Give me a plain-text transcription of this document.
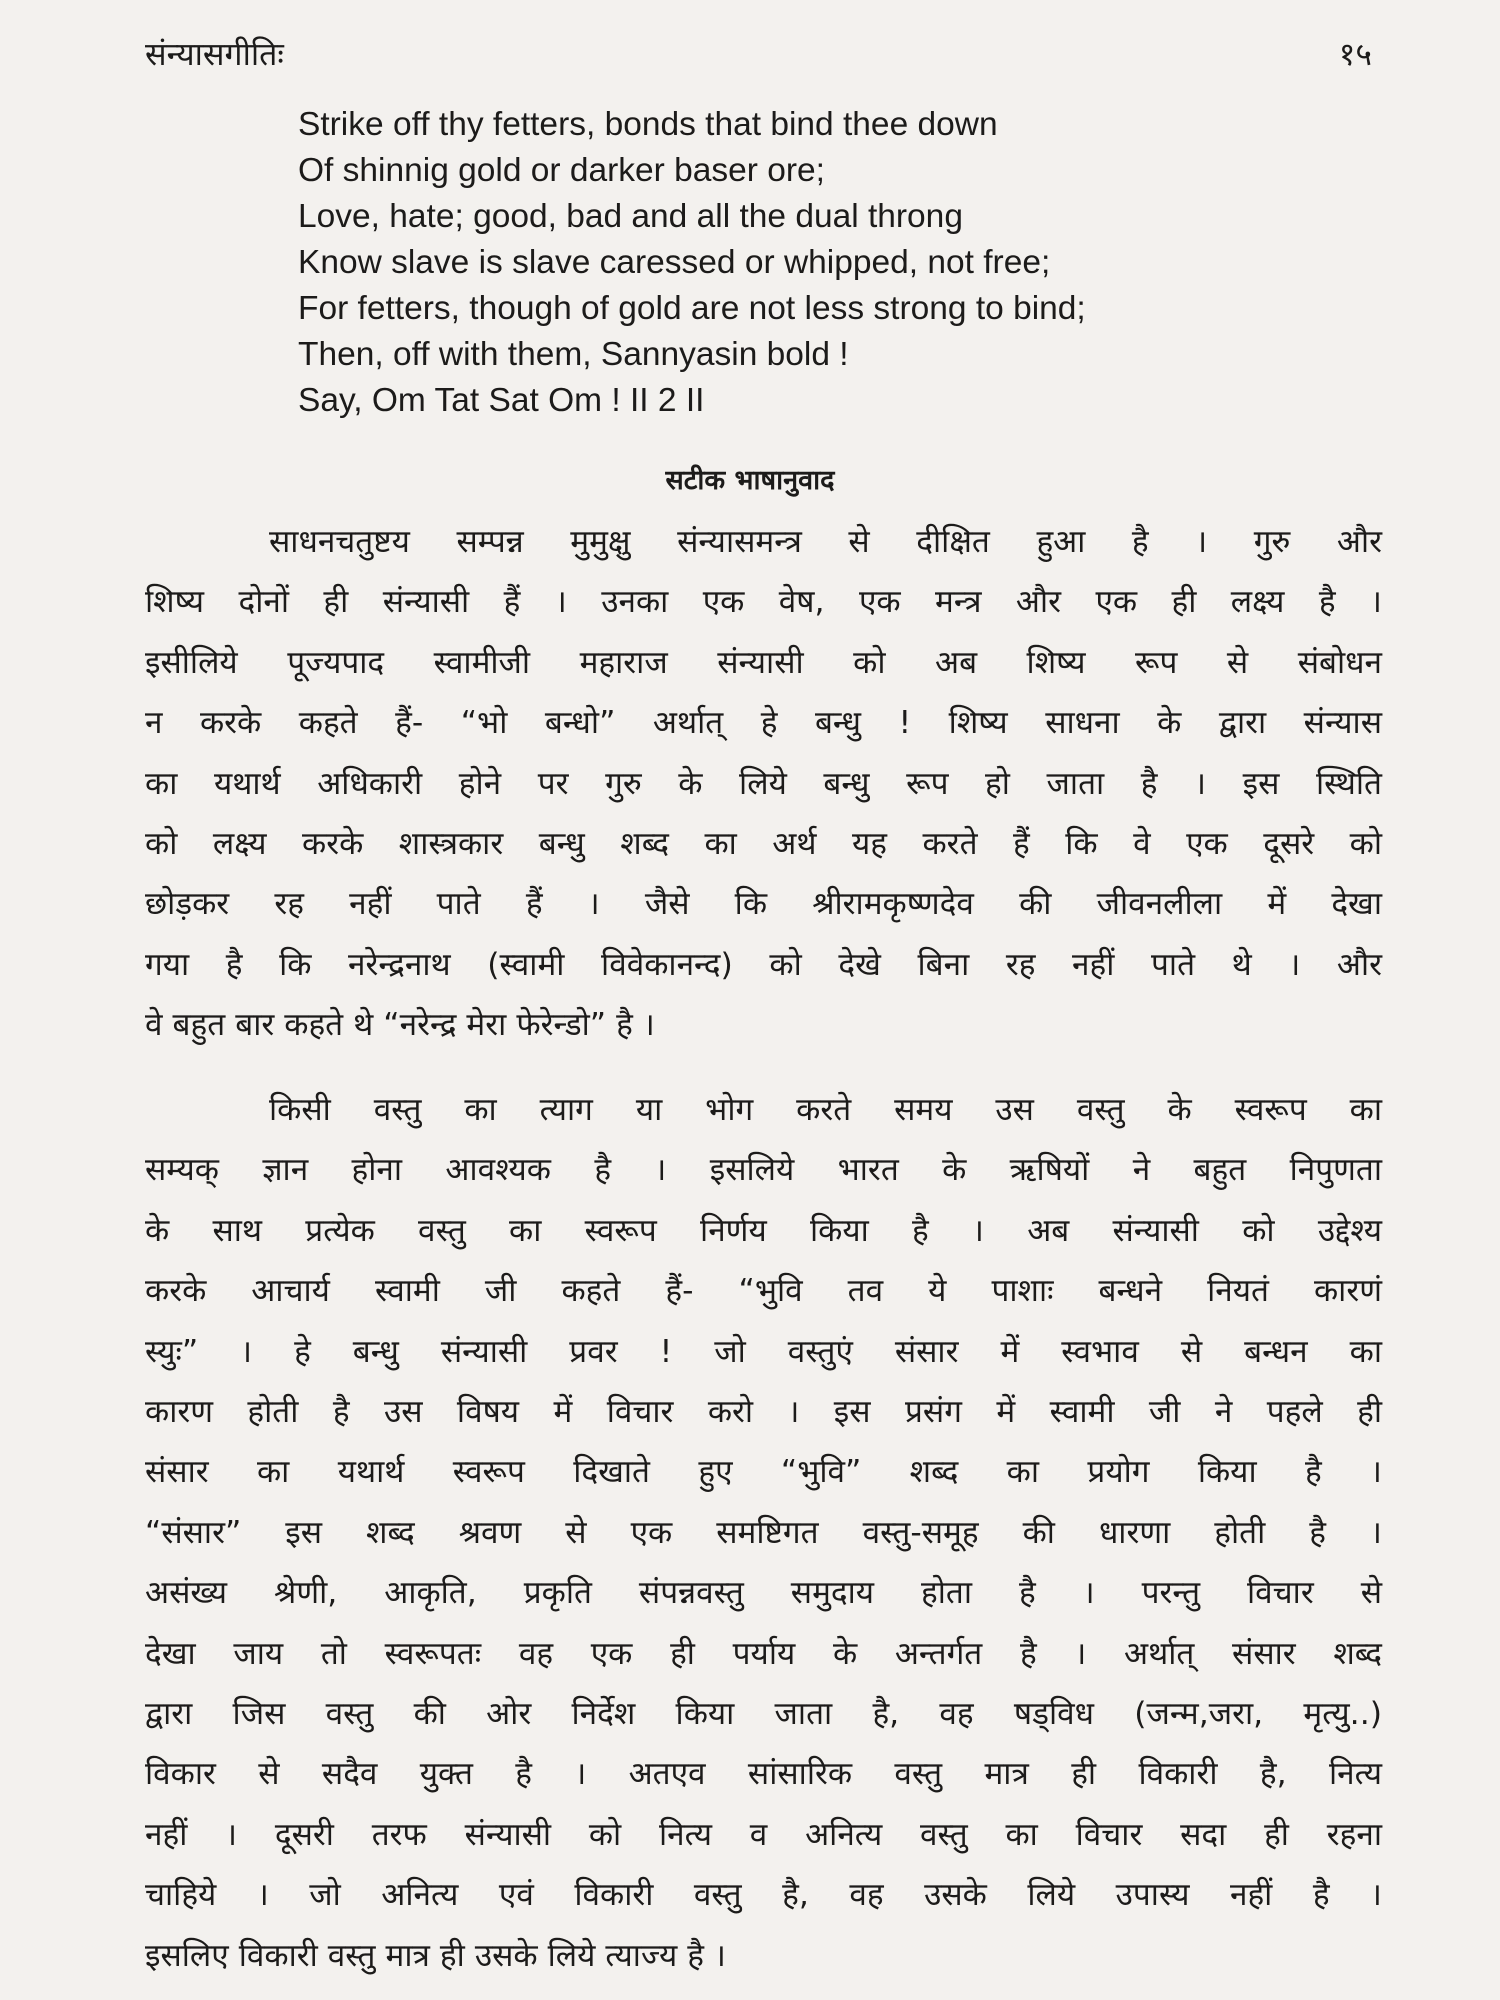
संन्यासगीतिः	१५
Strike off thy fetters, bonds that bind thee down
Of shinnig gold or darker baser ore;
Love, hate; good, bad and all the dual throng
Know slave is slave caressed or whipped, not free;
For fetters, though of gold are not less strong to bind;
Then, off with them, Sannyasin bold !
Say, Om Tat Sat Om ! II 2 II
सटीक भाषानुवाद
साधनचतुष्टय सम्पन्न मुमुक्षु संन्यासमन्त्र से दीक्षित हुआ है । गुरु और
शिष्य दोनों ही संन्यासी हैं । उनका एक वेष, एक मन्त्र और एक ही लक्ष्य है ।
इसीलिये पूज्यपाद स्वामीजी महाराज संन्यासी को अब शिष्य रूप से संबोधन
न करके कहते हैं- “भो बन्धो” अर्थात् हे बन्धु ! शिष्य साधना के द्वारा संन्यास
का यथार्थ अधिकारी होने पर गुरु के लिये बन्धु रूप हो जाता है । इस स्थिति
को लक्ष्य करके शास्त्रकार बन्धु शब्द का अर्थ यह करते हैं कि वे एक दूसरे को
छोड़कर रह नहीं पाते हैं । जैसे कि श्रीरामकृष्णदेव की जीवनलीला में देखा
गया है कि नरेन्द्रनाथ (स्वामी विवेकानन्द) को देखे बिना रह नहीं पाते थे । और
वे बहुत बार कहते थे “नरेन्द्र मेरा फेरेन्डो” है ।
किसी वस्तु का त्याग या भोग करते समय उस वस्तु के स्वरूप का
सम्यक् ज्ञान होना आवश्यक है । इसलिये भारत के ऋषियों ने बहुत निपुणता
के साथ प्रत्येक वस्तु का स्वरूप निर्णय किया है । अब संन्यासी को उद्देश्य
करके आचार्य स्वामी जी कहते हैं- “भुवि तव ये पाशाः बन्धने नियतं कारणं
स्युः” । हे बन्धु संन्यासी प्रवर ! जो वस्तुएं संसार में स्वभाव से बन्धन का
कारण होती है उस विषय में विचार करो । इस प्रसंग में स्वामी जी ने पहले ही
संसार का यथार्थ स्वरूप दिखाते हुए “भुवि” शब्द का प्रयोग किया है ।
“संसार” इस शब्द श्रवण से एक समष्टिगत वस्तु-समूह की धारणा होती है ।
असंख्य श्रेणी, आकृति, प्रकृति संपन्नवस्तु समुदाय होता है । परन्तु विचार से
देखा जाय तो स्वरूपतः वह एक ही पर्याय के अन्तर्गत है । अर्थात् संसार शब्द
द्वारा जिस वस्तु की ओर निर्देश किया जाता है, वह षड्विध (जन्म,जरा, मृत्यु..)
विकार से सदैव युक्त है । अतएव सांसारिक वस्तु मात्र ही विकारी है, नित्य
नहीं । दूसरी तरफ संन्यासी को नित्य व अनित्य वस्तु का विचार सदा ही रहना
चाहिये । जो अनित्य एवं विकारी वस्तु है, वह उसके लिये उपास्य नहीं है ।
इसलिए विकारी वस्तु मात्र ही उसके लिये त्याज्य है ।
